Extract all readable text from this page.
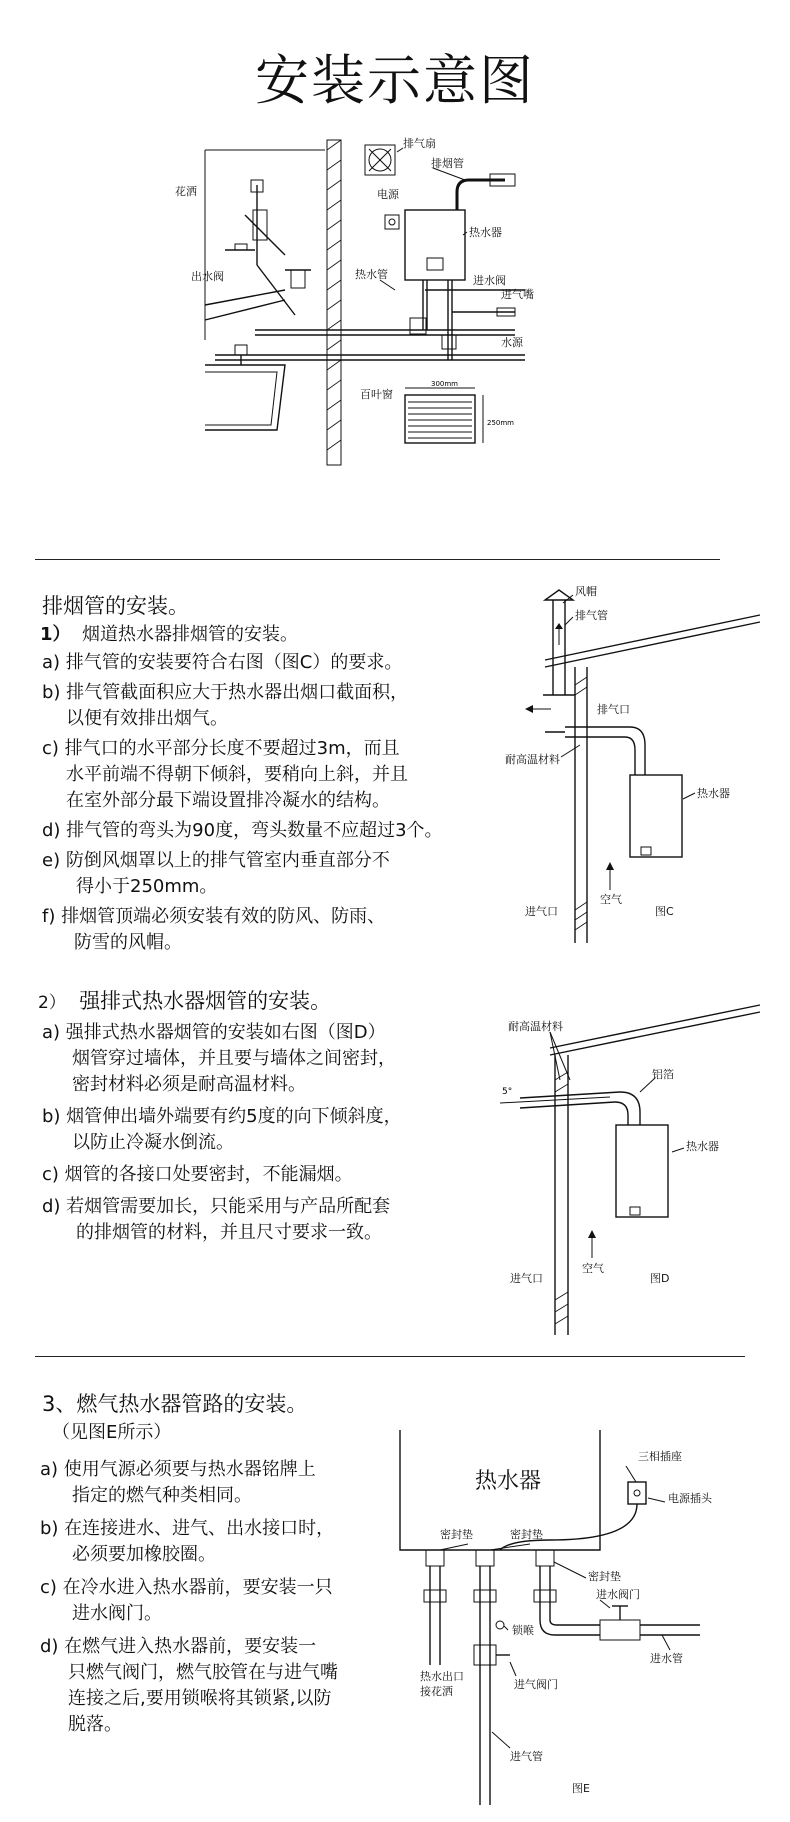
安装示意图
排气扇
排烟管
花洒	电源
热水器
出水阀	热水管	进水阀
进气嘴
水源
百叶窗
300mm
250mm
排烟管的安装。
1） 烟道热水器排烟管的安装。
a) 排气管的安装要符合右图（图C）的要求。
b) 排气管截面积应大于热水器出烟口截面积，
以便有效排出烟气。
c) 排气口的水平部分长度不要超过3m，而且
水平前端不得朝下倾斜，要稍向上斜，并且
在室外部分最下端设置排冷凝水的结构。
d) 排气管的弯头为90度，弯头数量不应超过3个。
e) 防倒风烟罩以上的排气管室内垂直部分不
得小于250mm。
f) 排烟管顶端必须安装有效的防风、防雨、
防雪的风帽。
风帽
排气管
排气口
耐高温材料
热水器
空气
进气口	图C
2） 强排式热水器烟管的安装。
a) 强排式热水器烟管的安装如右图（图D）
烟管穿过墙体，并且要与墙体之间密封，
密封材料必须是耐高温材料。
b) 烟管伸出墙外端要有约5度的向下倾斜度，
以防止冷凝水倒流。
c) 烟管的各接口处要密封，不能漏烟。
d) 若烟管需要加长，只能采用与产品所配套
的排烟管的材料，并且尺寸要求一致。
耐高温材料
铝箔
5°
热水器
空气
进气口	图D
3、燃气热水器管路的安装。
（见图E所示）
a) 使用气源必须要与热水器铭牌上
指定的燃气种类相同。
b) 在连接进水、进气、出水接口时，
必须要加橡胶圈。
c) 在冷水进入热水器前，要安装一只
进水阀门。
d) 在燃气进入热水器前，要安装一
只燃气阀门，燃气胶管在与进气嘴
连接之后,要用锁喉将其锁紧,以防
脱落。
热水器
三相插座
电源插头
密封垫	密封垫
密封垫
进水阀门
锁喉
热水出口
接花洒
进气阀门
进水管
进气管
图E
